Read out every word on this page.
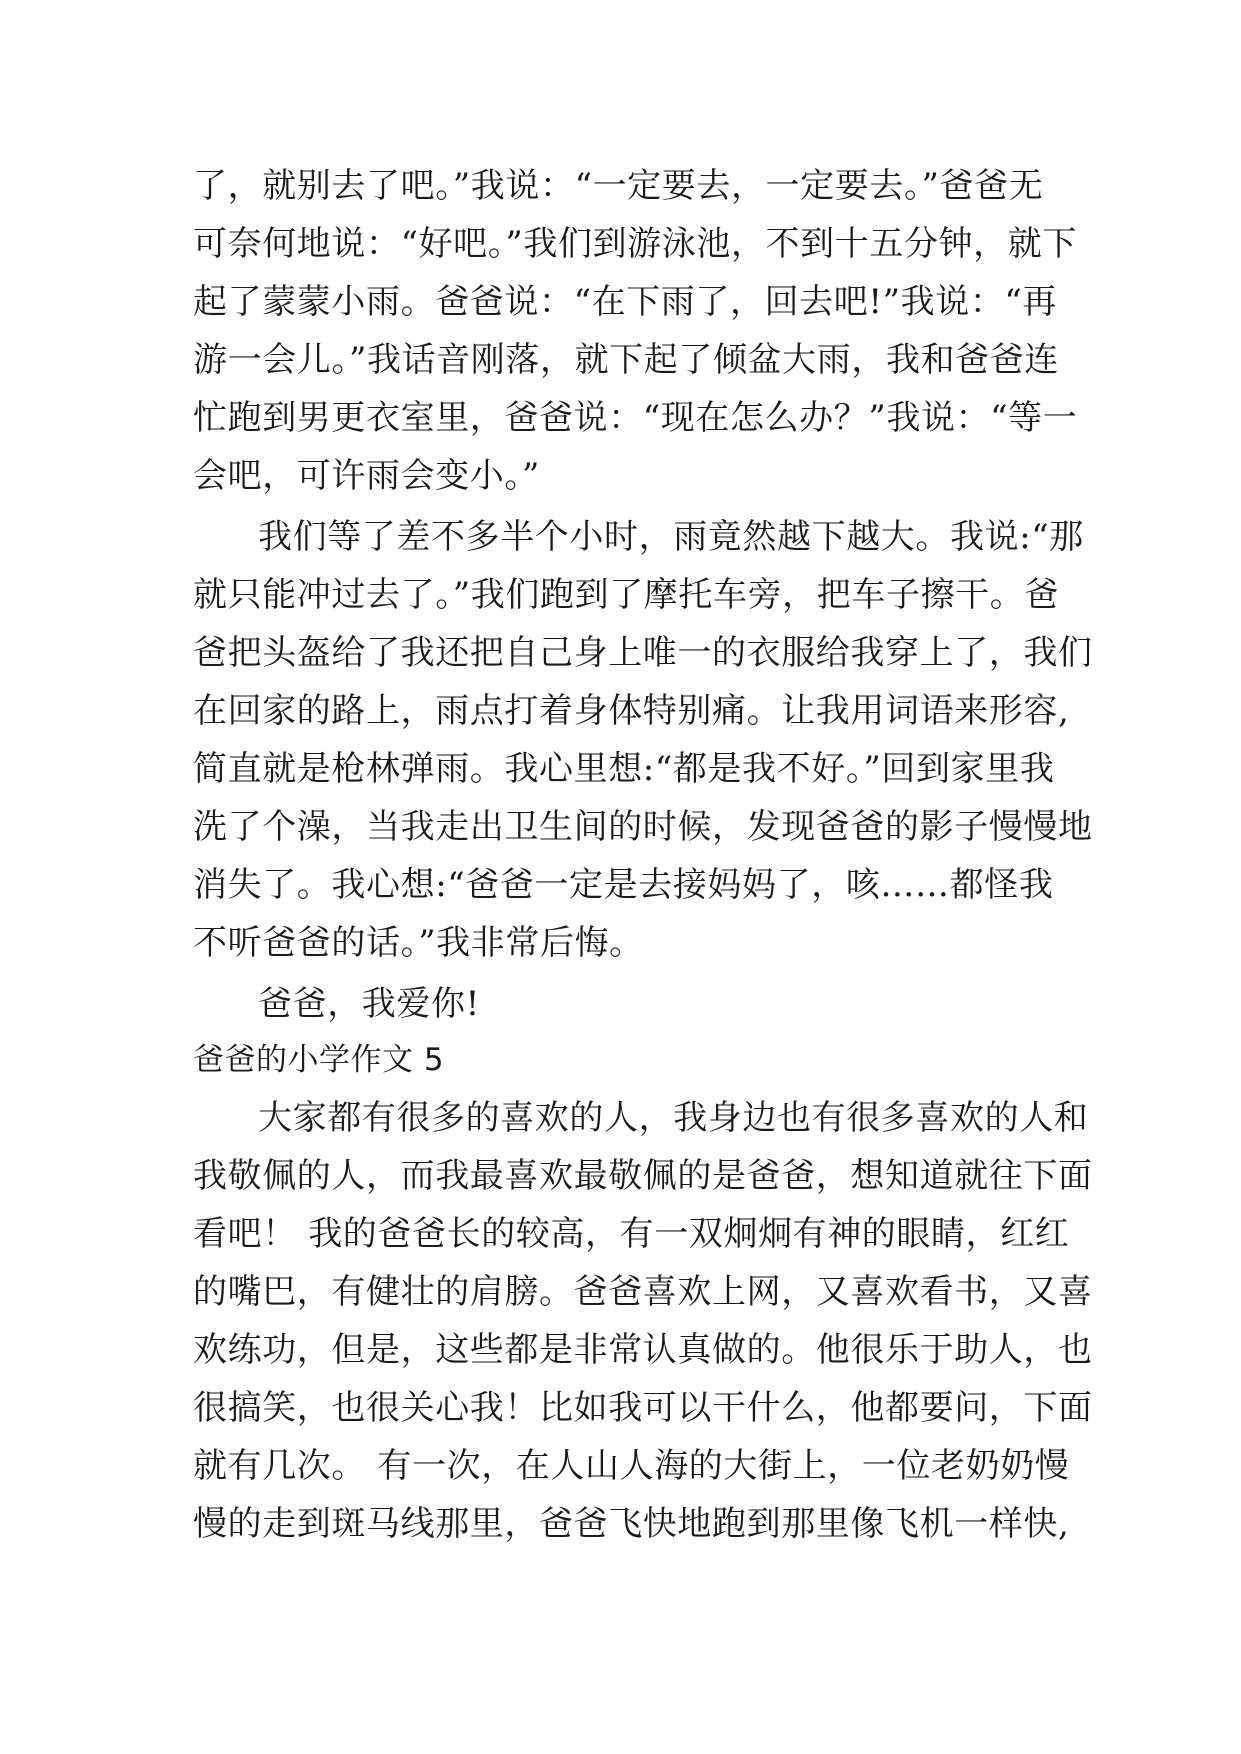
了，就别去了吧。”我说：“一定要去，一定要去。”爸爸无
可奈何地说：“好吧。”我们到游泳池，不到十五分钟，就下
起了蒙蒙小雨。爸爸说：“在下雨了，回去吧!”我说：“再
游一会儿。”我话音刚落，就下起了倾盆大雨，我和爸爸连
忙跑到男更衣室里，爸爸说：“现在怎么办？”我说：“等一
会吧，可许雨会变小。”
我们等了差不多半个小时，雨竟然越下越大。我说:“那
就只能冲过去了。”我们跑到了摩托车旁，把车子擦干。爸
爸把头盔给了我还把自己身上唯一的衣服给我穿上了，我们
在回家的路上，雨点打着身体特别痛。让我用词语来形容,
简直就是枪林弹雨。我心里想:“都是我不好。”回到家里我
洗了个澡，当我走出卫生间的时候，发现爸爸的影子慢慢地
消失了。我心想:“爸爸一定是去接妈妈了，咳……都怪我
不听爸爸的话。”我非常后悔。
爸爸，我爱你!
爸爸的小学作文 5
大家都有很多的喜欢的人，我身边也有很多喜欢的人和
我敬佩的人，而我最喜欢最敬佩的是爸爸，想知道就往下面
看吧！ 我的爸爸长的较高，有一双炯炯有神的眼睛，红红
的嘴巴，有健壮的肩膀。爸爸喜欢上网，又喜欢看书，又喜
欢练功，但是，这些都是非常认真做的。他很乐于助人，也
很搞笑，也很关心我！比如我可以干什么，他都要问，下面
就有几次。 有一次，在人山人海的大街上，一位老奶奶慢
慢的走到斑马线那里，爸爸飞快地跑到那里像飞机一样快,
